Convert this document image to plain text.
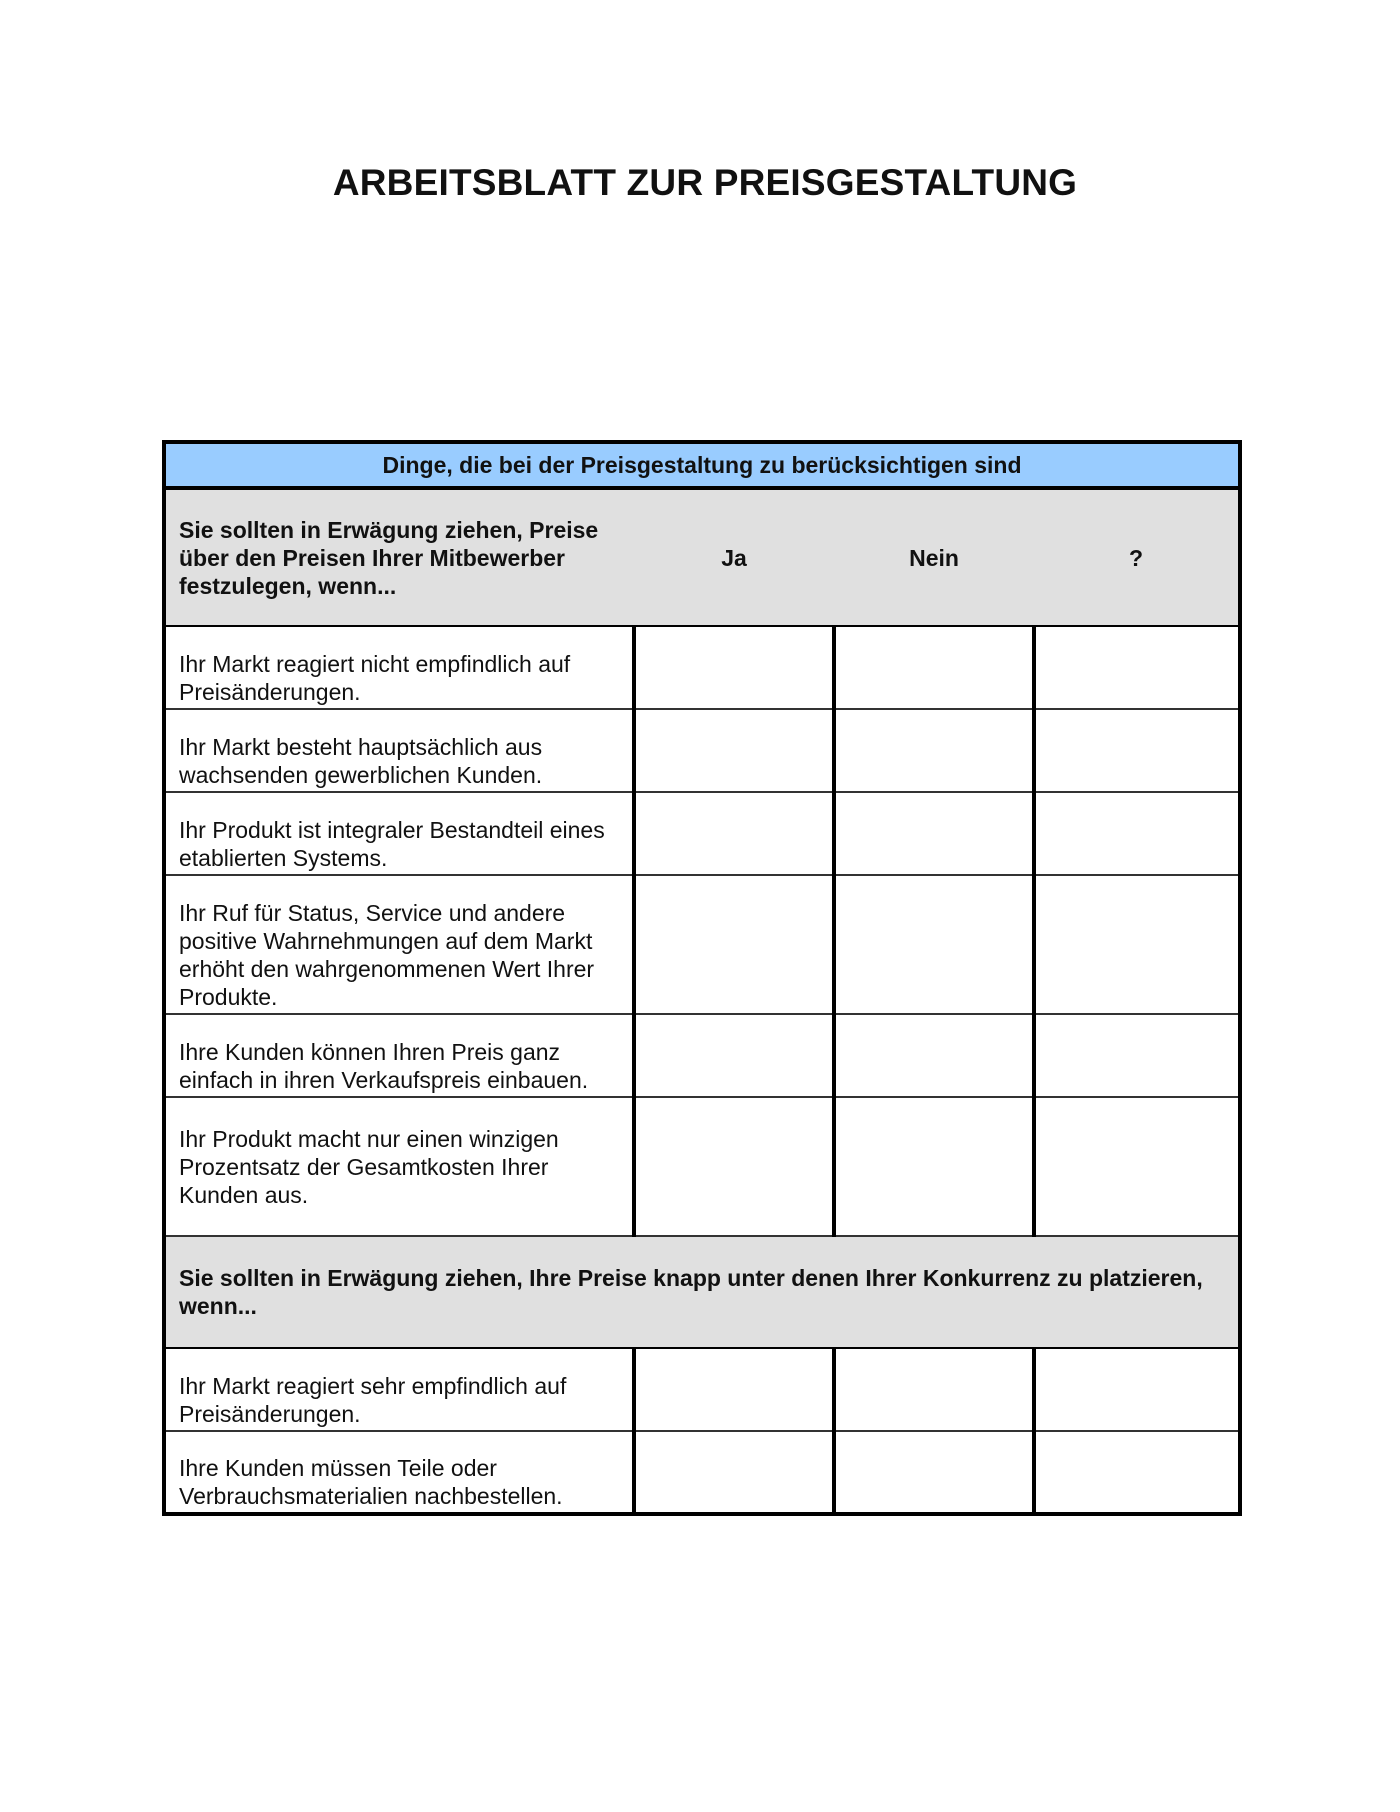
ARBEITSBLATT ZUR PREISGESTALTUNG
Dinge, die bei der Preisgestaltung zu berücksichtigen sind			
Sie sollten in Erwägung ziehen, Preise über den Preisen Ihrer Mitbewerber festzulegen, wenn...	Ja	Nein	?
Ihr Markt reagiert nicht empfindlich auf Preisänderungen.			
Ihr Markt besteht hauptsächlich aus wachsenden gewerblichen Kunden.			
Ihr Produkt ist integraler Bestandteil eines etablierten Systems.			
Ihr Ruf für Status, Service und andere positive Wahrnehmungen auf dem Markt erhöht den wahrgenommenen Wert Ihrer Produkte.			
Ihre Kunden können Ihren Preis ganz einfach in ihren Verkaufspreis einbauen.			
Ihr Produkt macht nur einen winzigen Prozentsatz der Gesamtkosten Ihrer Kunden aus.			
Sie sollten in Erwägung ziehen, Ihre Preise knapp unter denen Ihrer Konkurrenz zu platzieren, wenn...			
Ihr Markt reagiert sehr empfindlich auf Preisänderungen.			
Ihre Kunden müssen Teile oder Verbrauchsmaterialien nachbestellen.			
